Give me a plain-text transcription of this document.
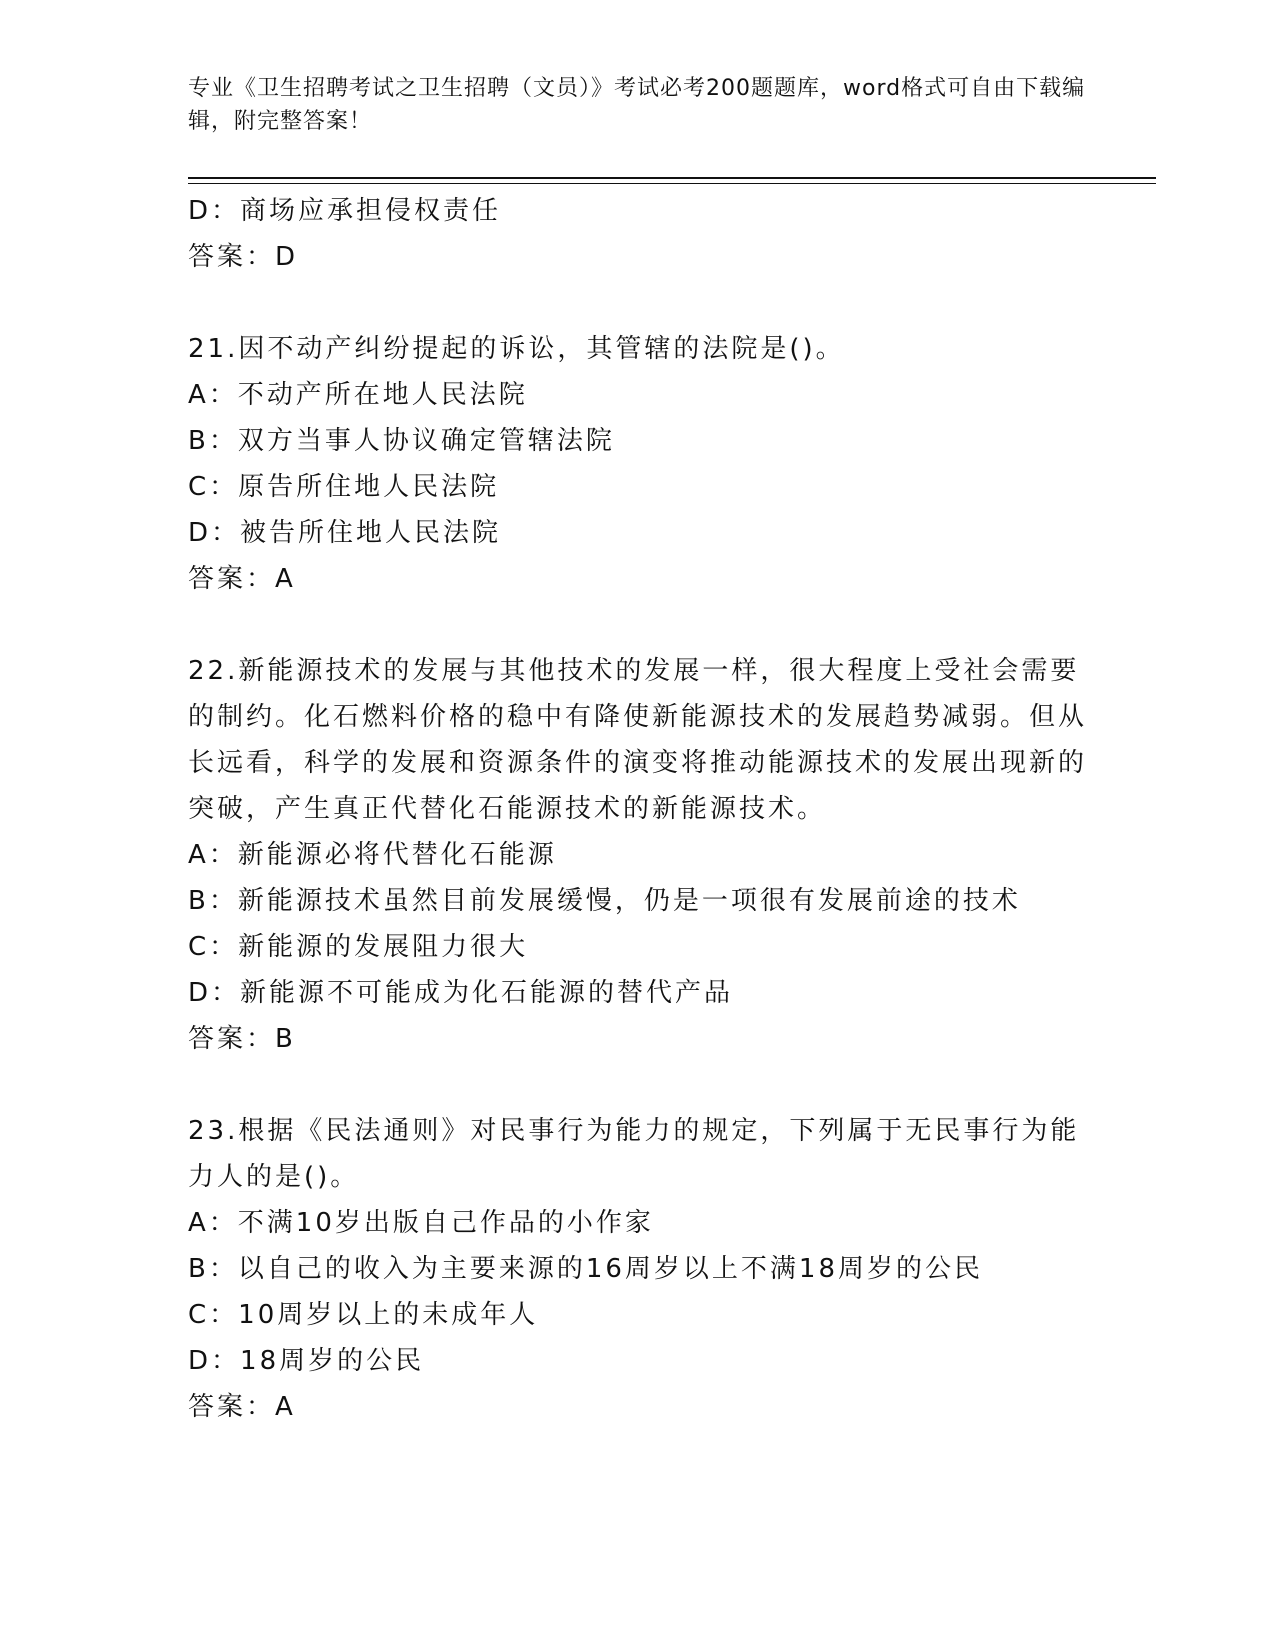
专业《卫生招聘考试之卫生招聘（文员）》考试必考200题题库，word格式可自由下载编辑，附完整答案！
D：商场应承担侵权责任
答案：D
21.因不动产纠纷提起的诉讼，其管辖的法院是()。
A：不动产所在地人民法院
B：双方当事人协议确定管辖法院
C：原告所住地人民法院
D：被告所住地人民法院
答案：A
22.新能源技术的发展与其他技术的发展一样，很大程度上受社会需要的制约。化石燃料价格的稳中有降使新能源技术的发展趋势减弱。但从长远看，科学的发展和资源条件的演变将推动能源技术的发展出现新的突破，产生真正代替化石能源技术的新能源技术。
A：新能源必将代替化石能源
B：新能源技术虽然目前发展缓慢，仍是一项很有发展前途的技术
C：新能源的发展阻力很大
D：新能源不可能成为化石能源的替代产品
答案：B
23.根据《民法通则》对民事行为能力的规定，下列属于无民事行为能力人的是()。
A：不满10岁出版自己作品的小作家
B：以自己的收入为主要来源的16周岁以上不满18周岁的公民
C：10周岁以上的未成年人
D：18周岁的公民
答案：A
